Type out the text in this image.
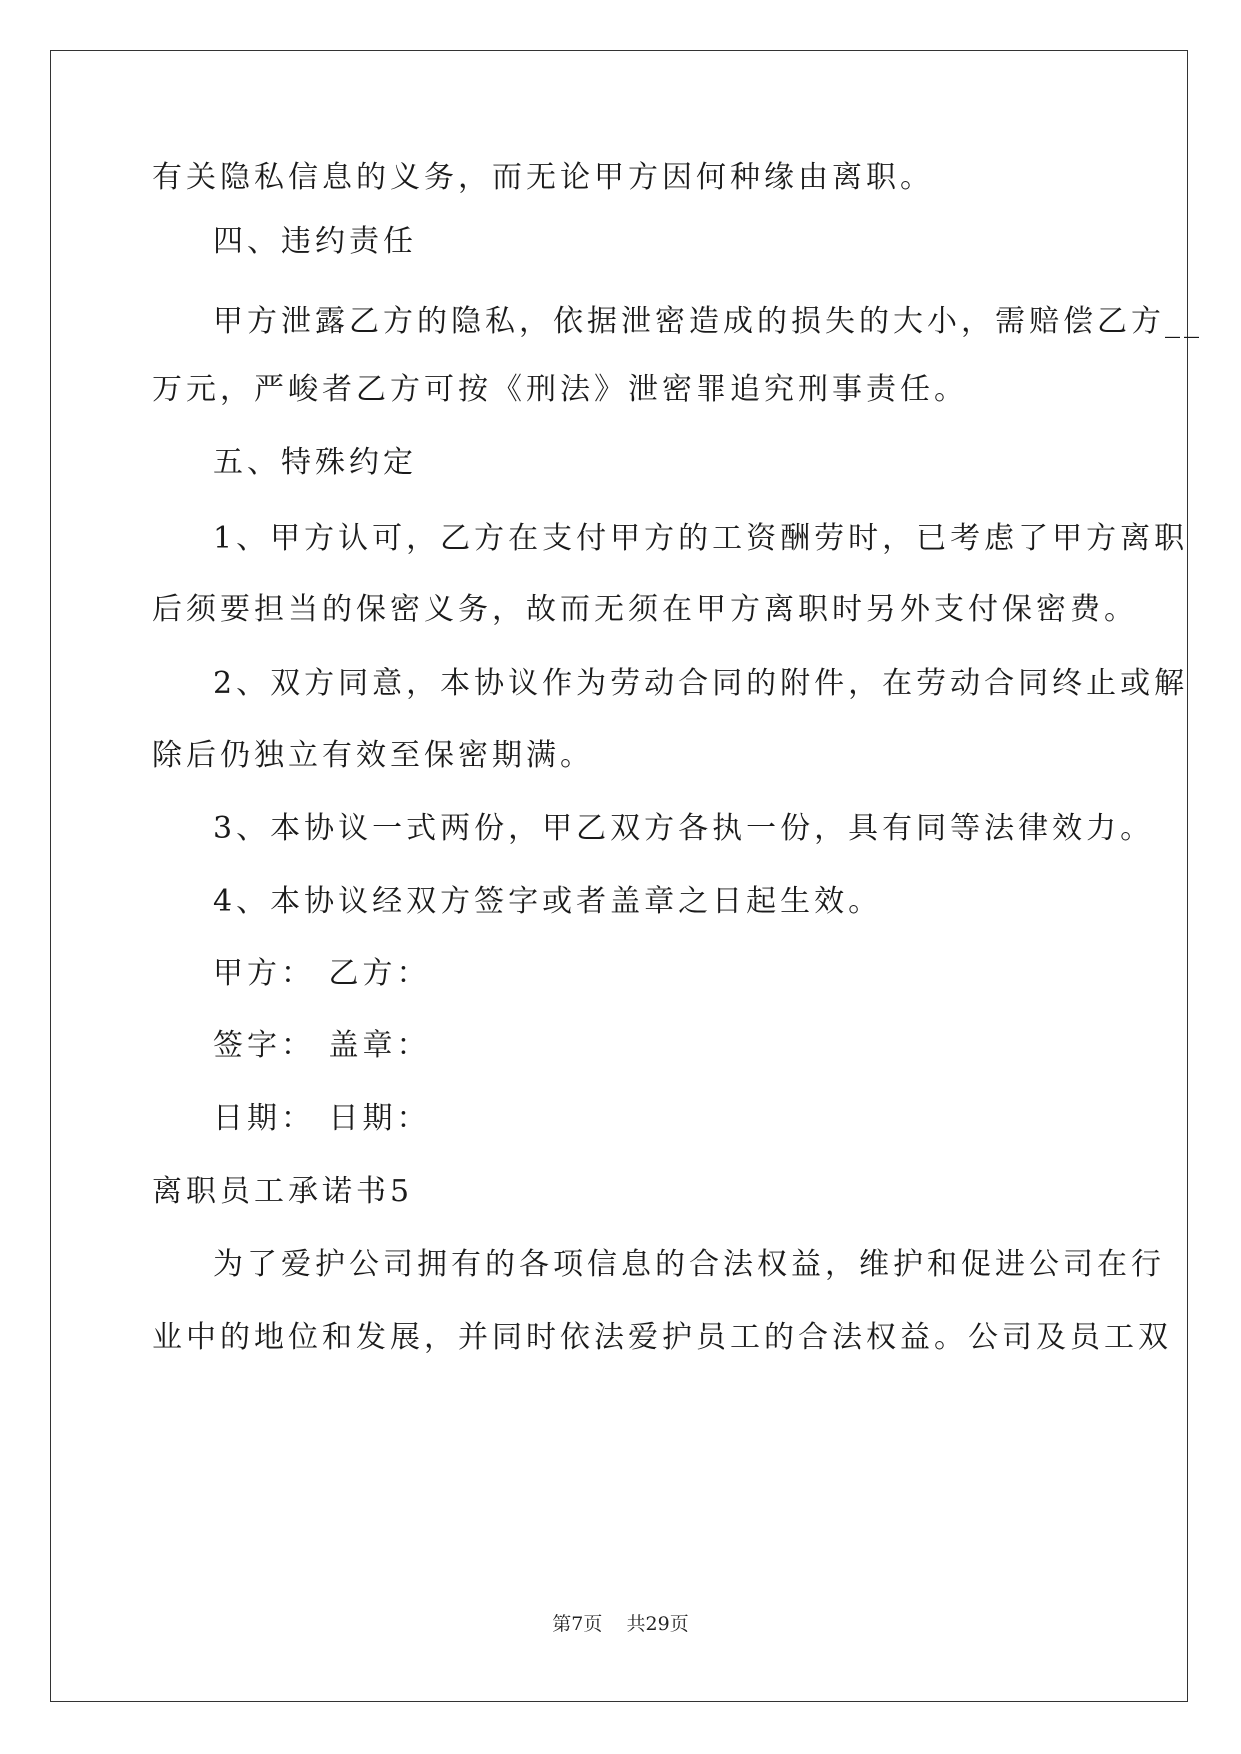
有关隐私信息的义务，而无论甲方因何种缘由离职。
四、违约责任
甲方泄露乙方的隐私，依据泄密造成的损失的大小，需赔偿乙方__
万元，严峻者乙方可按《刑法》泄密罪追究刑事责任。
五、特殊约定
1、甲方认可，乙方在支付甲方的工资酬劳时，已考虑了甲方离职
后须要担当的保密义务，故而无须在甲方离职时另外支付保密费。
2、双方同意，本协议作为劳动合同的附件，在劳动合同终止或解
除后仍独立有效至保密期满。
3、本协议一式两份，甲乙双方各执一份，具有同等法律效力。
4、本协议经双方签字或者盖章之日起生效。
甲方： 乙方：
签字： 盖章：
日期： 日期：
离职员工承诺书5
为了爱护公司拥有的各项信息的合法权益，维护和促进公司在行
业中的地位和发展，并同时依法爱护员工的合法权益。公司及员工双
第7页 共29页
